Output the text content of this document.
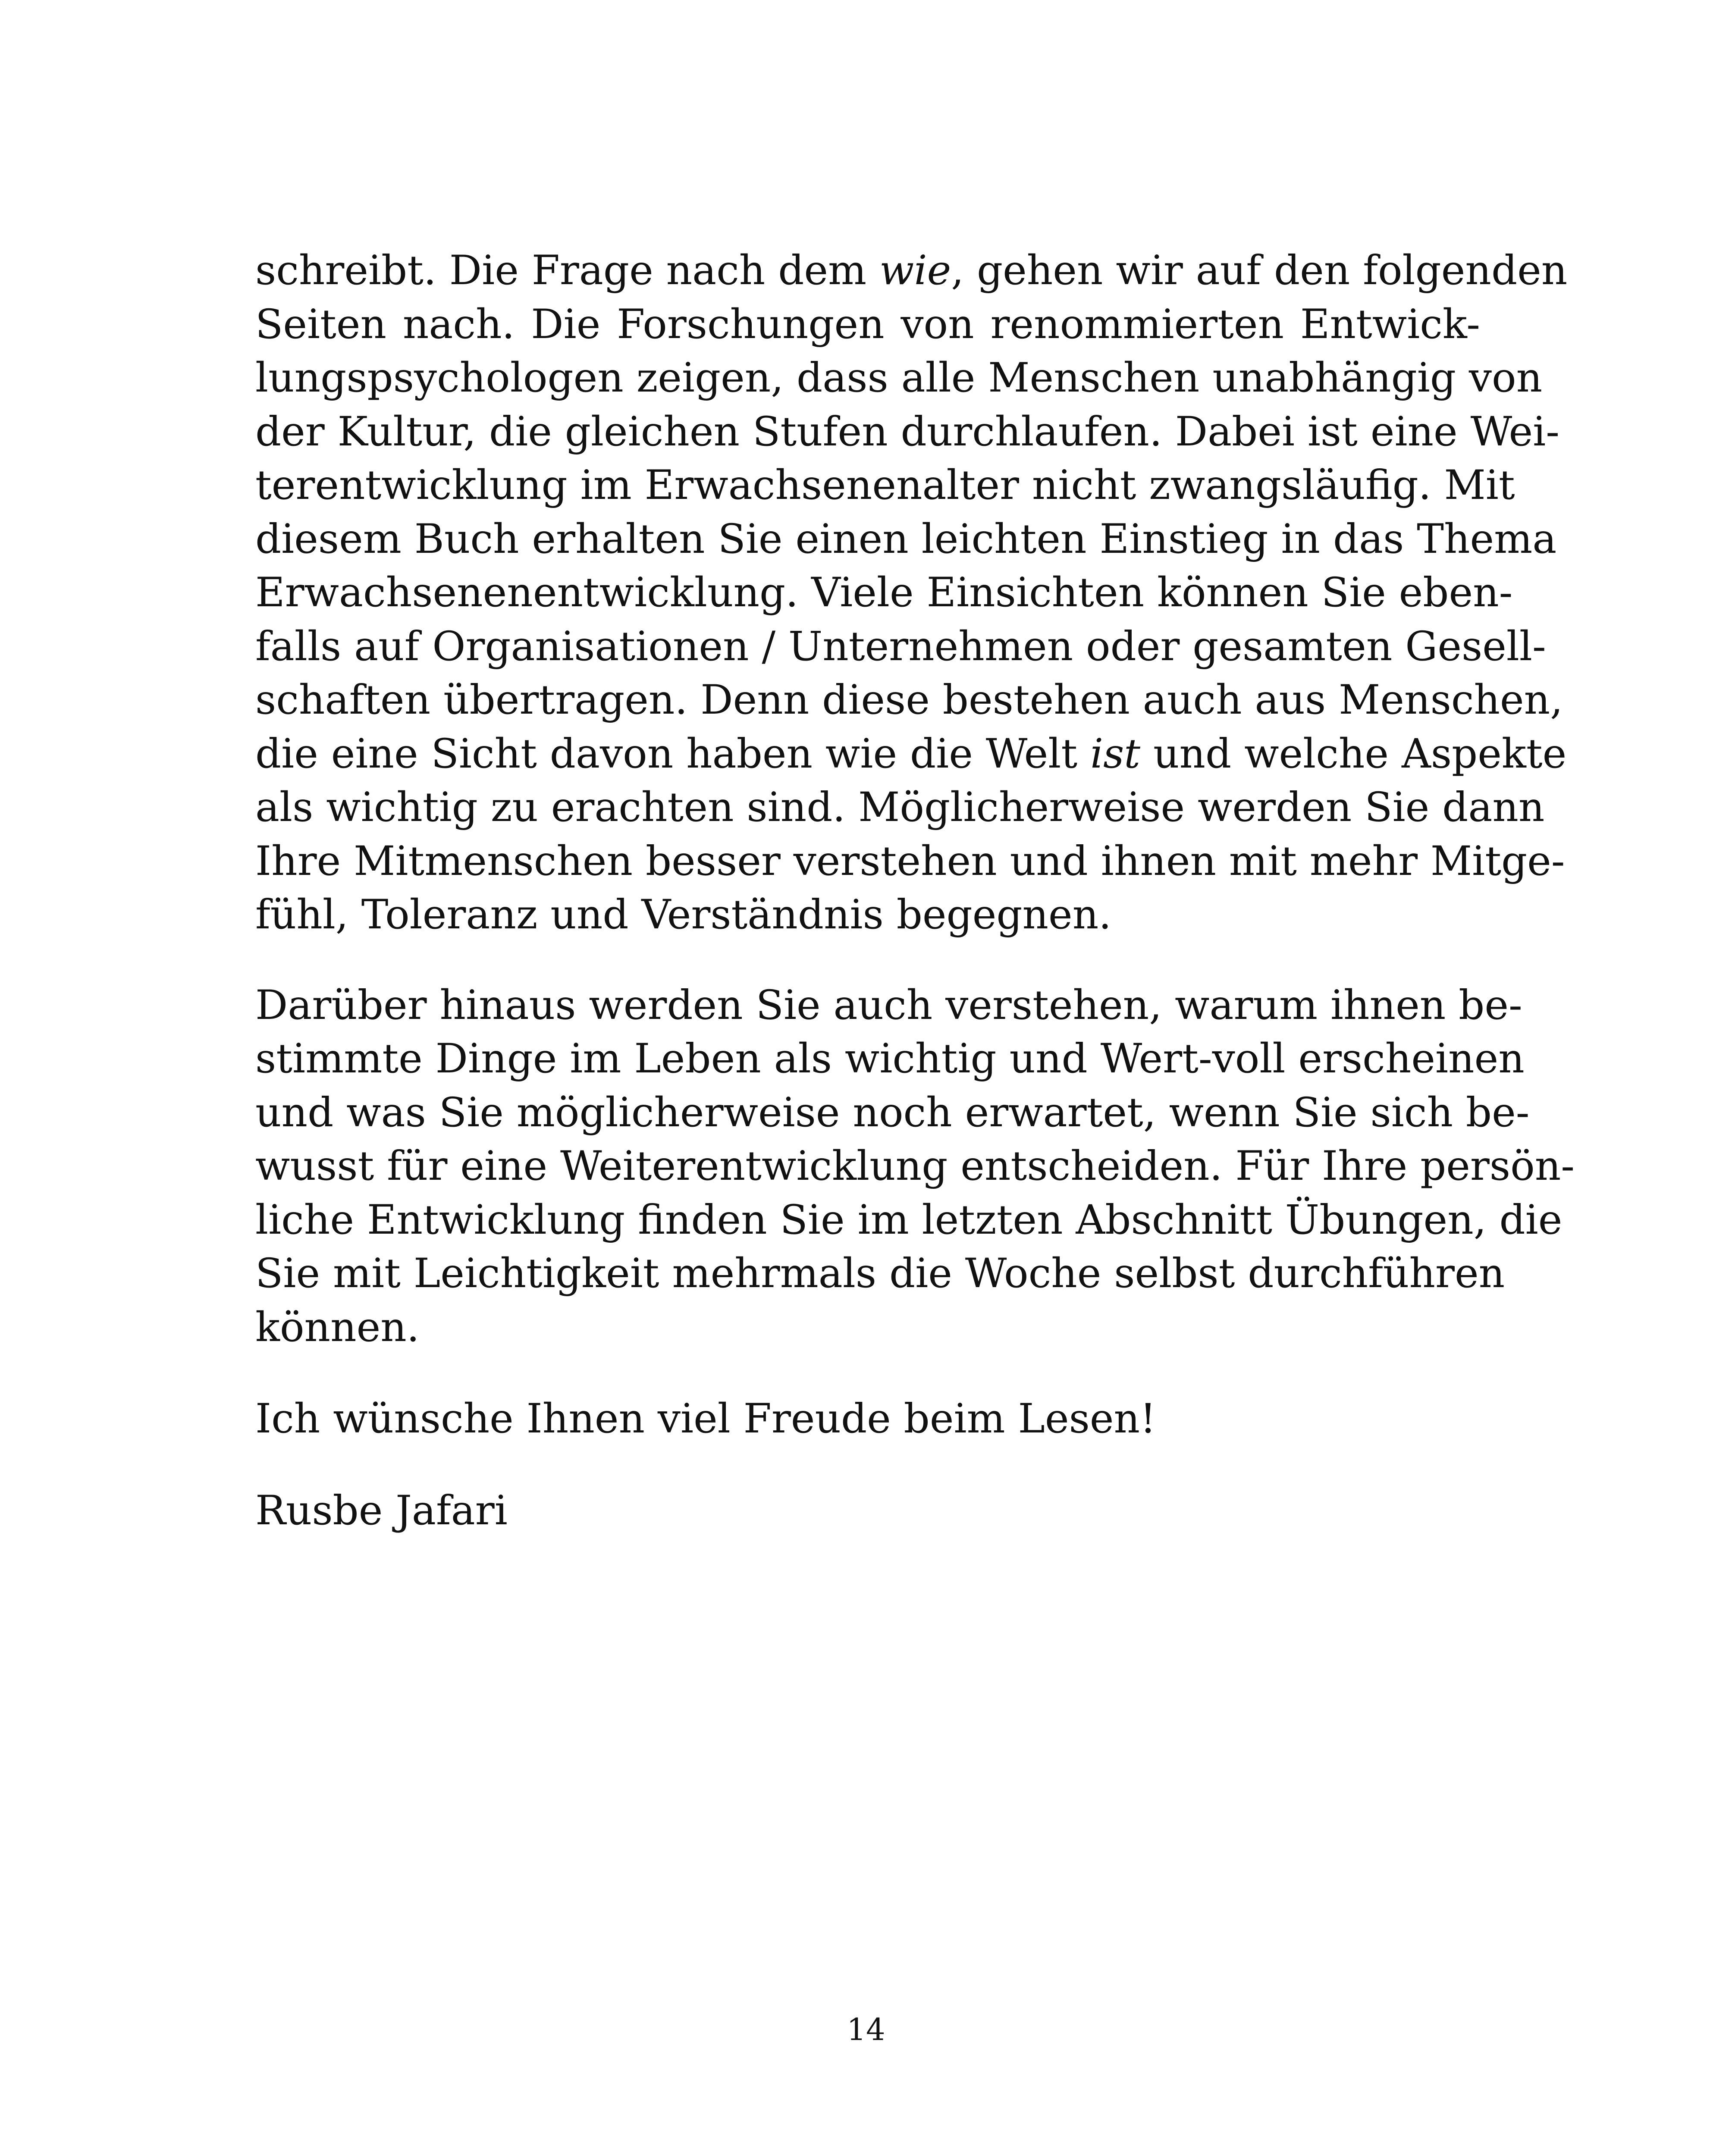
schreibt. Die Frage nach dem wie, gehen wir auf den folgenden
Seiten nach. Die Forschungen von renommierten Entwick-
lungspsychologen zeigen, dass alle Menschen unabhängig von
der Kultur, die gleichen Stufen durchlaufen. Dabei ist eine Wei-
terentwicklung im Erwachsenenalter nicht zwangsläufig. Mit
diesem Buch erhalten Sie einen leichten Einstieg in das Thema
Erwachsenenentwicklung. Viele Einsichten können Sie eben-
falls auf Organisationen / Unternehmen oder gesamten Gesell-
schaften übertragen. Denn diese bestehen auch aus Menschen,
die eine Sicht davon haben wie die Welt ist und welche Aspekte
als wichtig zu erachten sind. Möglicherweise werden Sie dann
Ihre Mitmenschen besser verstehen und ihnen mit mehr Mitge-
fühl, Toleranz und Verständnis begegnen.
Darüber hinaus werden Sie auch verstehen, warum ihnen be-
stimmte Dinge im Leben als wichtig und Wert-voll erscheinen
und was Sie möglicherweise noch erwartet, wenn Sie sich be-
wusst für eine Weiterentwicklung entscheiden. Für Ihre persön-
liche Entwicklung finden Sie im letzten Abschnitt Übungen, die
Sie mit Leichtigkeit mehrmals die Woche selbst durchführen
können.
Ich wünsche Ihnen viel Freude beim Lesen!
Rusbe Jafari
14
